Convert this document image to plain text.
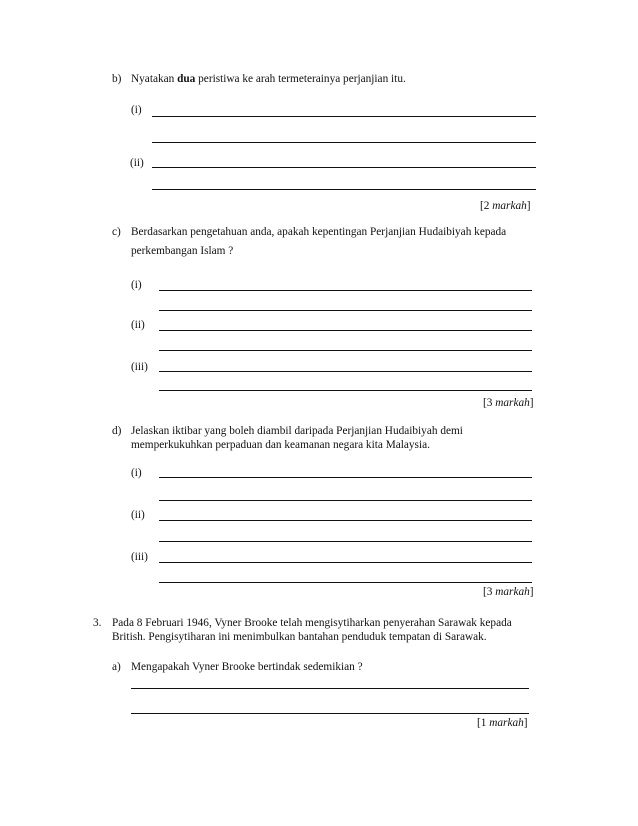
b) Nyatakan dua peristiwa ke arah termeterainya perjanjian itu.
(i)
(ii)
[2 markah]
c) Berdasarkan pengetahuan anda, apakah kepentingan Perjanjian Hudaibiyah kepada
perkembangan Islam ?
(i)
(ii)
(iii)
[3 markah]
d) Jelaskan iktibar yang boleh diambil daripada Perjanjian Hudaibiyah demi
memperkukuhkan perpaduan dan keamanan negara kita Malaysia.
(i)
(ii)
(iii)
[3 markah]
3. Pada 8 Februari 1946, Vyner Brooke telah mengisytiharkan penyerahan Sarawak kepada
British. Pengisytiharan ini menimbulkan bantahan penduduk tempatan di Sarawak.
a) Mengapakah Vyner Brooke bertindak sedemikian ?
[1 markah]
